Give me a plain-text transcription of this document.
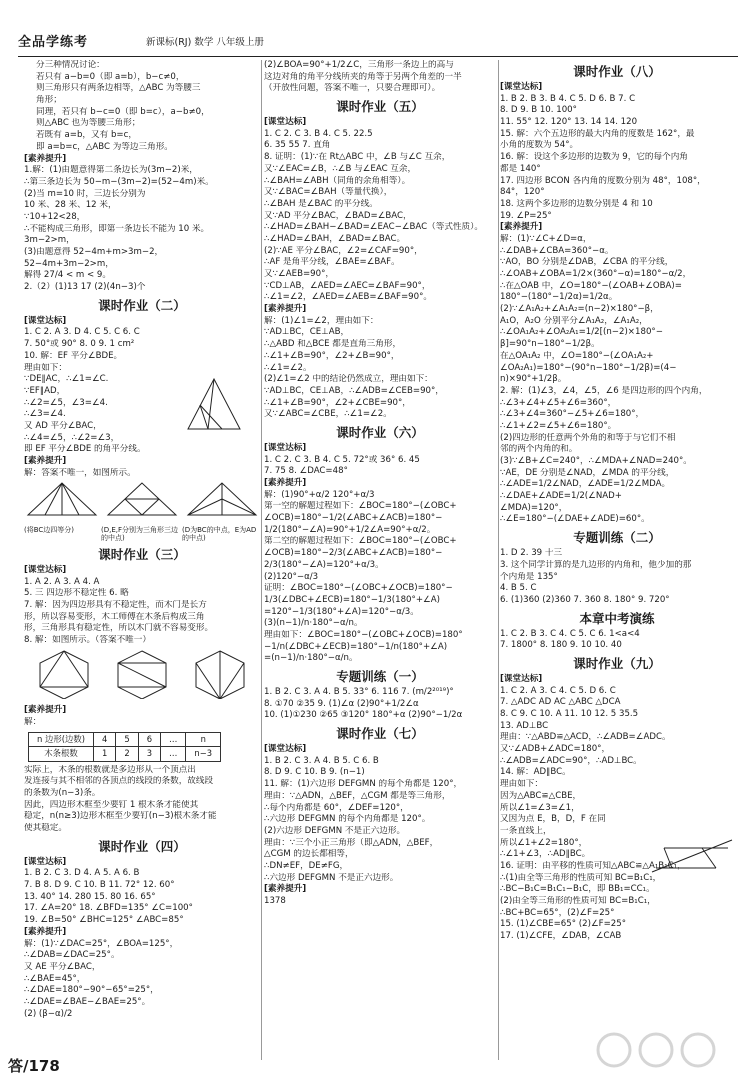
全品学练考	新课标(RJ) 数学 八年级上册
分三种情况讨论：
若只有 a−b=0（即 a=b），b−c≠0，
则三角形只有两条边相等，△ABC 为等腰三
角形；
同理，若只有 b−c=0（即 b=c），a−b≠0，
则△ABC 也为等腰三角形；
若既有 a=b，又有 b=c，
即 a=b=c，△ABC 为等边三角形。
[素养提升]
1.解：(1)由题意得第二条边长为(3m−2)米，
∴第三条边长为 50−m−(3m−2)=(52−4m)米。
(2)当 m=10 时，三边长分别为
10 米、28 米、12 米，
∵10+12<28，
∴不能构成三角形，即第一条边长不能为 10 米。
3m−2>m，
(3)由题意得 52−4m+m>3m−2，
52−4m+3m−2>m，
解得 27/4 < m < 9。
2.（2）(1)13 17 (2)(4n−3)个
课时作业（二）
[课堂达标]
1. C 2. A 3. D 4. C 5. C 6. C
7. 50°或 90° 8. 0 9. 1 cm²
10. 解：EF 平分∠BDE。
理由如下：
∵DE∥AC，∴∠1=∠C.
∵EF∥AD，
∴∠2=∠5，∠3=∠4.
∴∠3=∠4.
又 AD 平分∠BAC，
∴∠4=∠5，∴∠2=∠3，
即 EF 平分∠BDE 的角平分线。
[素养提升]
解：答案不唯一，如图所示。
(将BC边四等分)	(D,E,F分别为三角形三边的中点)
(D为BC的中点，E为AD的中点)
课时作业（三）
[课堂达标]
1. A 2. A 3. A 4. A
5. 三 四边形不稳定性 6. 略
7. 解：因为四边形具有不稳定性，而木门是长方
形，所以容易变形，木工师傅在木条后构成三角
形，三角形具有稳定性，所以木门就不容易变形。
8. 解：如图所示。（答案不唯一）
[素养提升]
解：
n 边形(边数)	4	5	6	…	n
木条根数	1	2	3	…	n−3
实际上，木条的根数就是多边形从一个顶点出
发连接与其不相邻的各顶点的线段的条数，故线段
的条数为(n−3)条。
因此，四边形木框至少要钉 1 根木条才能使其
稳定，n(n≥3)边形木框至少要钉(n−3)根木条才能
使其稳定。
课时作业（四）
[课堂达标]
1. B 2. C 3. D 4. A 5. A 6. B
7. B 8. D 9. C 10. B 11. 72° 12. 60°
13. 40° 14. 280 15. 80 16. 65°
17. ∠A=20° 18. ∠BFD=135° ∠C=100°
19. ∠B=50° ∠BHC=125° ∠ABC=85°
[素养提升]
解：(1)∵∠DAC=25°，∠BOA=125°，
∴∠DAB=∠DAC=25°。
又 AE 平分∠BAC，
∴∠BAE=45°，
∴∠DAE=180°−90°−65°=25°，
∴∠DAE=∠BAE−∠BAE=25°。
(2) (β−α)/2
(2)∠BOA=90°+1/2∠C，三角形一条边上的高与
这边对角的角平分线所夹的角等于另两个角差的一半
（开放性问题，答案不唯一，只要合理即可）。
课时作业（五）
[课堂达标]
1. C 2. C 3. B 4. C 5. 22.5
6. 35 55 7. 直角
8. 证明：(1)∵在 Rt△ABC 中，∠B 与∠C 互余，
又∵∠EAC=∠B，∴∠B 与∠EAC 互余，
∴∠BAH=∠ABH（同角的余角相等）。
又∵∠BAC=∠BAH（等量代换），
∴∠BAH 是∠BAC 的平分线。
又∵AD 平分∠BAC，∠BAD=∠BAC，
∴∠HAD=∠BAH−∠BAD=∠EAC−∠BAC（等式性质）。
∴∠HAD=∠BAH，∠BAD=∠BAC。
(2)∵AE 平分∠BAC，∠2=∠CAF=90°，
∴AF 是角平分线，∠BAE=∠BAF。
又∵∠AEB=90°，
∵CD⊥AB，∠AED=∠AEC=∠BAF=90°，
∴∠1=∠2，∠AED=∠AEB=∠BAF=90°。
[素养提升]
解：(1)∠1=∠2，理由如下：
∵AD⊥BC，CE⊥AB，
∴△ABD 和△BCE 都是直角三角形，
∴∠1+∠B=90°，∠2+∠B=90°，
∴∠1=∠2。
(2)∠1=∠2 中的结论仍然成立，理由如下：
∵AD⊥BC，CE⊥AB，∴∠ADB=∠CEB=90°，
∴∠1+∠B=90°，∠2+∠CBE=90°，
又∵∠ABC=∠CBE，∴∠1=∠2。
课时作业（六）
[课堂达标]
1. C 2. C 3. B 4. C 5. 72°或 36° 6. 45
7. 75 8. ∠DAC=48°
[素养提升]
解：(1)90°+α/2 120°+α/3
第一空的解题过程如下：∠BOC=180°−(∠OBC+
∠OCB)=180°−1/2(∠ABC+∠ACB)=180°−
1/2(180°−∠A)=90°+1/2∠A=90°+α/2。
第二空的解题过程如下：∠BOC=180°−(∠OBC+
∠OCB)=180°−2/3(∠ABC+∠ACB)=180°−
2/3(180°−∠A)=120°+α/3。
(2)120°−α/3
证明：∠BOC=180°−(∠OBC+∠OCB)=180°−
1/3(∠DBC+∠ECB)=180°−1/3(180°+∠A)
=120°−1/3(180°+∠A)=120°−α/3。
(3)(n−1)/n·180°−α/n。
理由如下：∠BOC=180°−(∠OBC+∠OCB)=180°
−1/n(∠DBC+∠ECB)=180°−1/n(180°+∠A)
=(n−1)/n·180°−α/n。
专题训练（一）
1. B 2. C 3. A 4. B 5. 33° 6. 116 7. (m/2²⁰¹⁹)°
8. ①70 ②35 9. (1)∠α (2)90°+1/2∠α
10. (1)①230 ②65 ③120° 180°+α (2)90°−1/2α
课时作业（七）
[课堂达标]
1. B 2. C 3. A 4. B 5. C 6. B
8. D 9. C 10. B 9. (n−1)
11. 解：(1)六边形 DEFGMN 的每个角都是 120°，
理由：∵△ADN，△BEF，△CGM 都是等三角形，
∴每个内角都是 60°，∠DEF=120°，
∴六边形 DEFGMN 的每个内角都是 120°。
(2)六边形 DEFGMN 不是正六边形。
理由：∵三个小正三角形（即△ADN，△BEF，
△CGM 的边长都相等，
∴DN≠EF，DE≠FG，
∴六边形 DEFGMN 不是正六边形。
[素养提升]
1378
课时作业（八）
[课堂达标]
1. B 2. B 3. B 4. C 5. D 6. B 7. C
8. D 9. B 10. 100°
11. 55° 12. 120° 13. 14 14. 120
15. 解：六个五边形的最大内角的度数是 162°，最
小角的度数为 54°。
16. 解：设这个多边形的边数为 9，它的每个内角
都是 140°
17. 四边形 BCON 各内角的度数分别为 48°，108°，
84°，120°
18. 这两个多边形的边数分别是 4 和 10
19. ∠P=25°
[素养提升]
解：(1)∵∠C+∠D=α，
∴∠DAB+∠CBA=360°−α。
∵AO，BO 分别是∠DAB，∠CBA 的平分线，
∴∠OAB+∠OBA=1/2×(360°−α)=180°−α/2，
∴在△OAB 中，∠O=180°−(∠OAB+∠OBA)=
180°−(180°−1/2α)=1/2α。
(2)∵∠A₁A₂+∠A₁A₂=(n−2)×180°−β，
A₁O，A₂O 分别平分∠A₁A₂，∠A₁A₂，
∴∠OA₁A₂+∠OA₂A₁=1/2[(n−2)×180°−
β]=90°n−180°−1/2β。
在△OA₁A₂ 中，∠O=180°−(∠OA₁A₂+
∠OA₂A₁)=180°−(90°n−180°−1/2β)=(4−
n)×90°+1/2β。
2. 解：(1)∠3，∠4，∠5，∠6 是四边形的四个内角，
∴∠3+∠4+∠5+∠6=360°，
∴∠3+∠4=360°−∠5+∠6=180°，
∴∠1+∠2=∠5+∠6=180°。
(2)四边形的任意两个外角的和等于与它们不相
邻的两个内角的和。
(3)∵∠B+∠C=240°，∴∠MDA+∠NAD=240°。
∵AE，DE 分别是∠NAD，∠MDA 的平分线，
∴∠ADE=1/2∠NAD，∠ADE=1/2∠MDA。
∴∠DAE+∠ADE=1/2(∠NAD+
∠MDA)=120°，
∴∠E=180°−(∠DAE+∠ADE)=60°。
专题训练（二）
1. D 2. 39 十三
3. 这个同学计算的是九边形的内角和，他少加的那
个内角是 135°
4. B 5. C
6. (1)360 (2)360 7. 360 8. 180° 9. 720°
本章中考演练
1. C 2. B 3. C 4. C 5. C 6. 1<a<4
7. 1800° 8. 180 9. 10 10. 40
课时作业（九）
[课堂达标]
1. C 2. A 3. C 4. C 5. D 6. C
7. △ADC AD AC △ABC △DCA
8. C 9. C 10. A 11. 10 12. 5 35.5
13. AD⊥BC
理由：∵△ABD≌△ACD，∴∠ADB=∠ADC。
又∵∠ADB+∠ADC=180°，
∴∠ADB=∠ADC=90°，∴AD⊥BC。
14. 解：AD∥BC。
理由如下：
因为△ABC≌△CBE，
所以∠1=∠3=∠1，
又因为点 E，B，D，F 在同
一条直线上，
所以∠1+∠2=180°，
∴∠1+∠3，∴AD∥BC。
16. 证明：由平移的性质可知△ABC≌△A₁B₁C₁，
∴(1)由全等三角形的性质可知 BC=B₁C₁，
∴BC−B₁C=B₁C₁−B₁C，即 BB₁=CC₁。
(2)由全等三角形的性质可知 BC=B₁C₁，
∴BC+BC=65°，(2)∠F=25°
15. (1)∠CBE=65° (2)∠F=25°
17. (1)∠CFE，∠DAB，∠CAB
答/178
